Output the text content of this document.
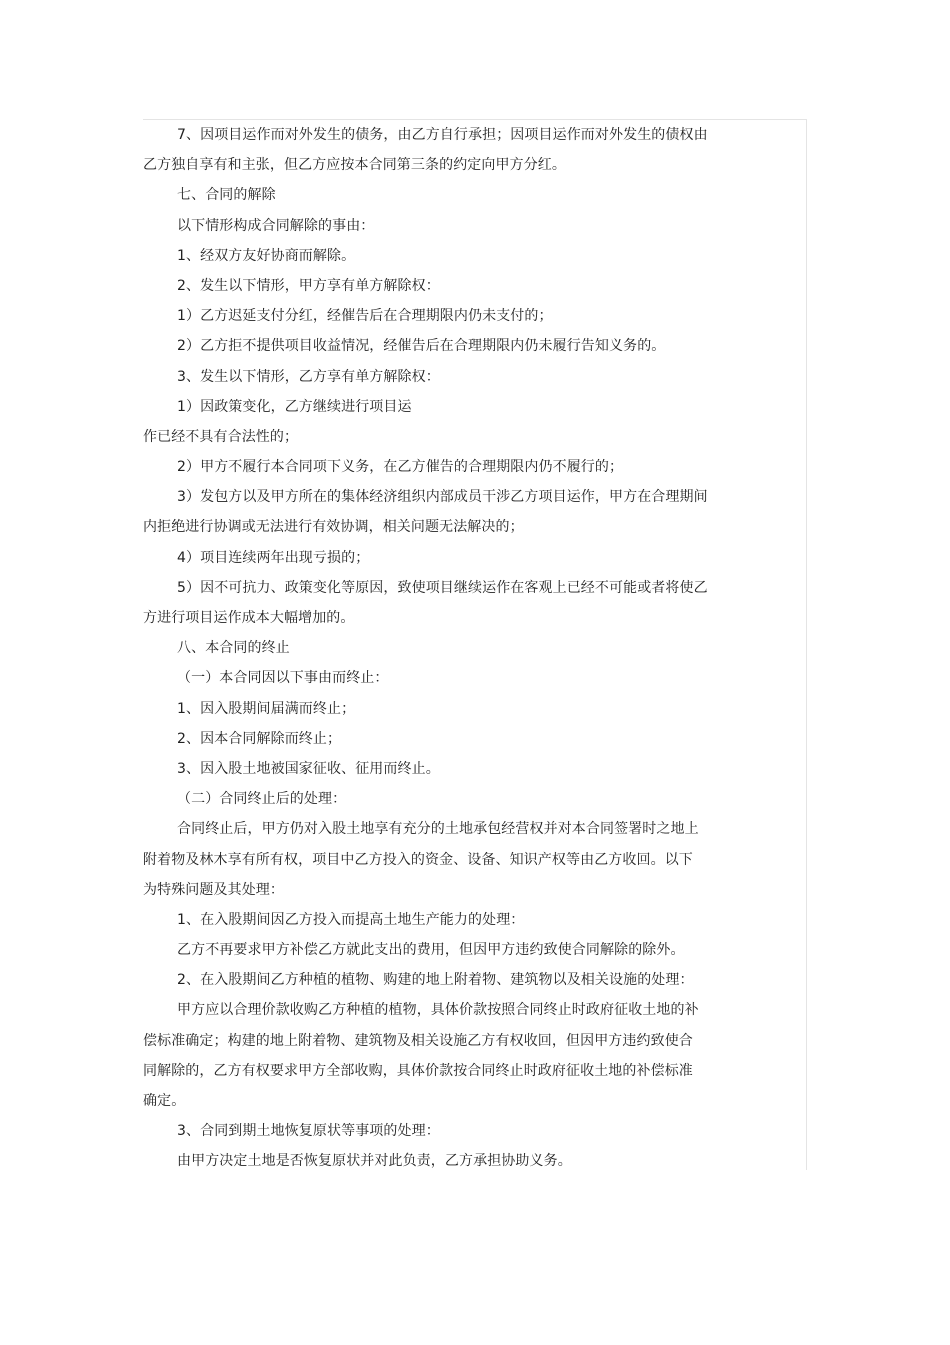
7、因项目运作而对外发生的债务，由乙方自行承担；因项目运作而对外发生的债权由
乙方独自享有和主张，但乙方应按本合同第三条的约定向甲方分红。
七、合同的解除
以下情形构成合同解除的事由：
1、经双方友好协商而解除。
2、发生以下情形，甲方享有单方解除权：
1）乙方迟延支付分红，经催告后在合理期限内仍未支付的；
2）乙方拒不提供项目收益情况，经催告后在合理期限内仍未履行告知义务的。
3、发生以下情形，乙方享有单方解除权：
1）因政策变化，乙方继续进行项目运
作已经不具有合法性的；
2）甲方不履行本合同项下义务，在乙方催告的合理期限内仍不履行的；
3）发包方以及甲方所在的集体经济组织内部成员干涉乙方项目运作，甲方在合理期间
内拒绝进行协调或无法进行有效协调，相关问题无法解决的；
4）项目连续两年出现亏损的；
5）因不可抗力、政策变化等原因，致使项目继续运作在客观上已经不可能或者将使乙
方进行项目运作成本大幅增加的。
八、本合同的终止
（一）本合同因以下事由而终止：
1、因入股期间届满而终止；
2、因本合同解除而终止；
3、因入股土地被国家征收、征用而终止。
（二）合同终止后的处理：
合同终止后，甲方仍对入股土地享有充分的土地承包经营权并对本合同签署时之地上
附着物及林木享有所有权，项目中乙方投入的资金、设备、知识产权等由乙方收回。以下
为特殊问题及其处理：
1、在入股期间因乙方投入而提高土地生产能力的处理：
乙方不再要求甲方补偿乙方就此支出的费用，但因甲方违约致使合同解除的除外。
2、在入股期间乙方种植的植物、购建的地上附着物、建筑物以及相关设施的处理：
甲方应以合理价款收购乙方种植的植物，具体价款按照合同终止时政府征收土地的补
偿标准确定；构建的地上附着物、建筑物及相关设施乙方有权收回，但因甲方违约致使合
同解除的，乙方有权要求甲方全部收购，具体价款按合同终止时政府征收土地的补偿标准
确定。
3、合同到期土地恢复原状等事项的处理：
由甲方决定土地是否恢复原状并对此负责，乙方承担协助义务。
